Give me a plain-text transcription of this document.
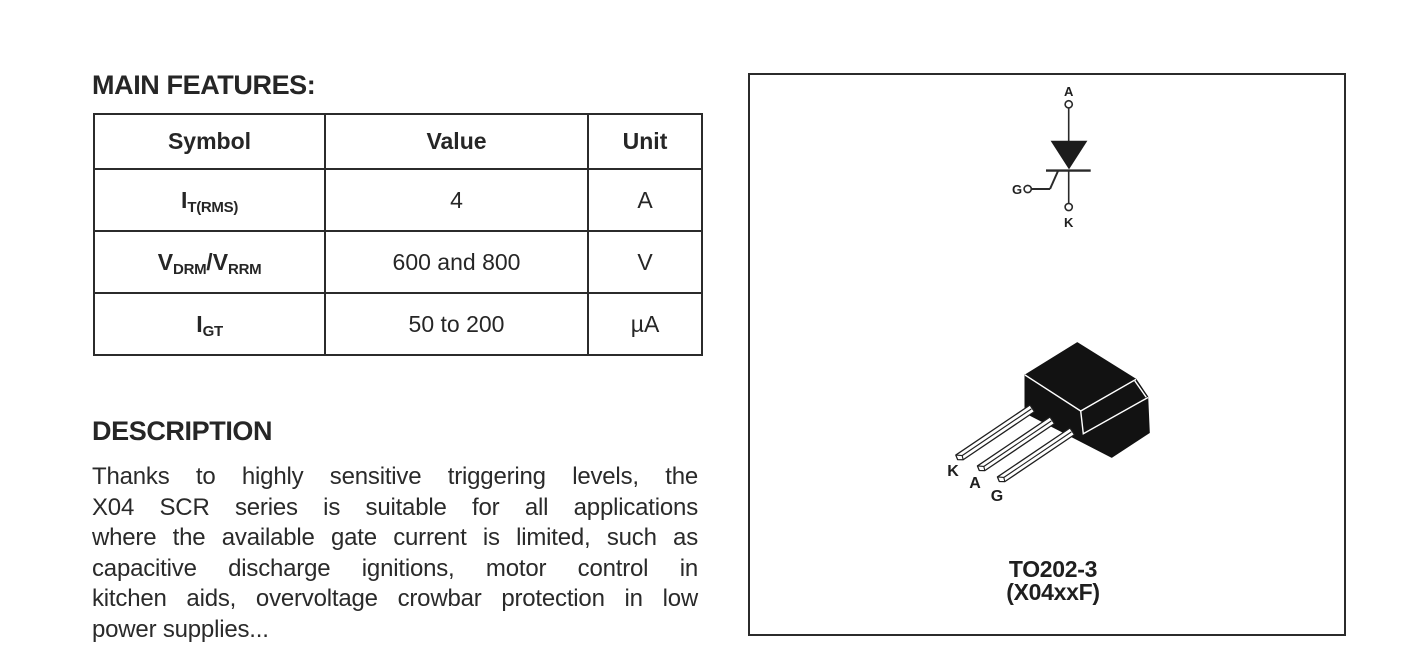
MAIN FEATURES:
Symbol	Value	Unit
$I_{T(RMS)}$	4	A
$V_{DRM}/V_{RRM}$	600 and 800	V
$I_{GT}$	50 to 200	µA
DESCRIPTION
Thanks to highly sensitive triggering levels, the
X04 SCR series is suitable for all applications
where the available gate current is limited, such as
capacitive discharge ignitions, motor control in
kitchen aids, overvoltage crowbar protection in low
power supplies...
A
K
G
K
A
G
TO202-3
(X04xxF)
